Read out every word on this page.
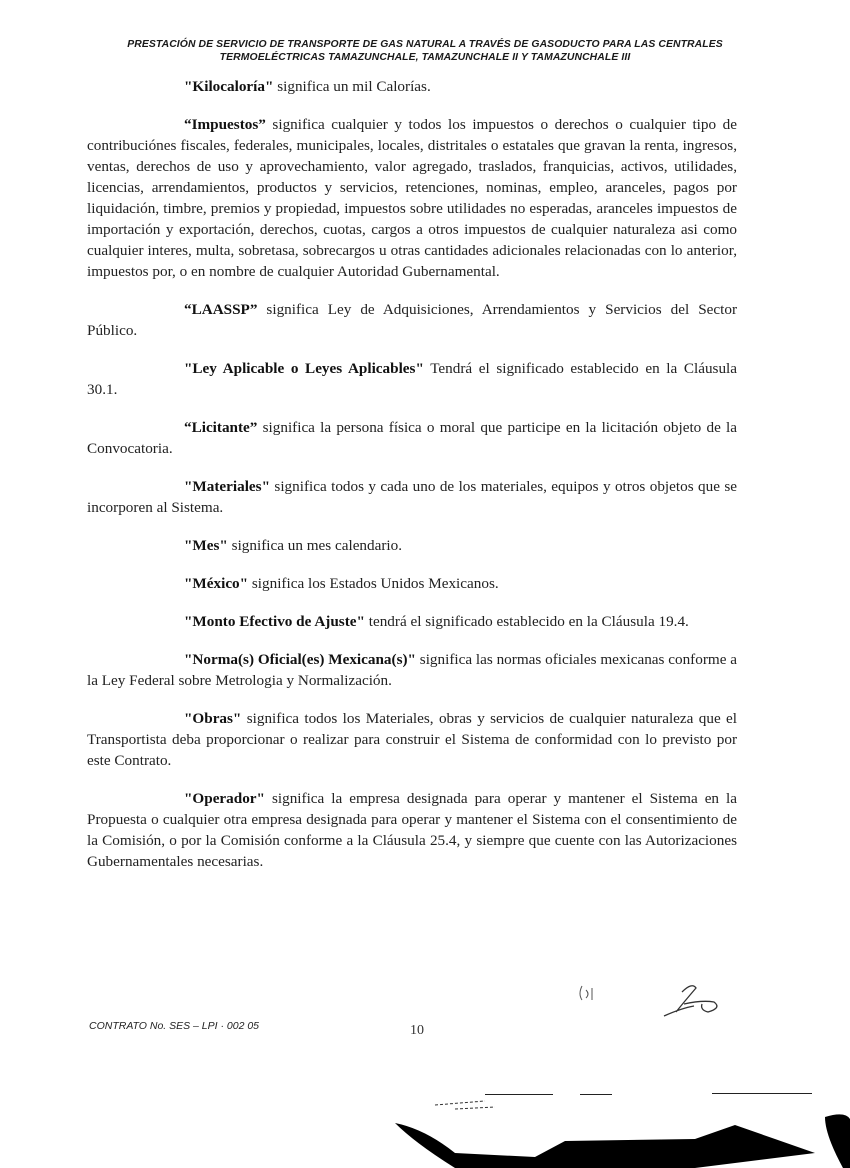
PRESTACIÓN DE SERVICIO DE TRANSPORTE DE GAS NATURAL A TRAVÉS DE GASODUCTO PARA LAS CENTRALES
TERMOELÉCTRICAS TAMAZUNCHALE, TAMAZUNCHALE II Y TAMAZUNCHALE III

"Kilocaloría" significa un mil Calorías.

“Impuestos” significa cualquier y todos los impuestos o derechos o cualquier tipo de contribuciónes fiscales, federales, municipales, locales, distritales o estatales que gravan la renta, ingresos, ventas, derechos de uso y aprovechamiento, valor agregado, traslados, franquicias, activos, utilidades, licencias, arrendamientos, productos y servicios, retenciones, nominas, empleo, aranceles, pagos por liquidación, timbre, premios y propiedad, impuestos sobre utilidades no esperadas, aranceles impuestos de importación y exportación, derechos, cuotas, cargos a otros impuestos de cualquier naturaleza asi como cualquier interes, multa, sobretasa, sobrecargos u otras cantidades adicionales relacionadas con lo anterior, impuestos por, o en nombre de cualquier Autoridad Gubernamental.

“LAASSP” significa Ley de Adquisiciones, Arrendamientos y Servicios del Sector Público.

"Ley Aplicable o Leyes Aplicables" Tendrá el significado establecido en la Cláusula 30.1.

“Licitante” significa la persona física o moral que participe en la licitación objeto de la Convocatoria.

"Materiales" significa todos y cada uno de los materiales, equipos y otros objetos que se incorporen al Sistema.

"Mes" significa un mes calendario.

"México" significa los Estados Unidos Mexicanos.

"Monto Efectivo de Ajuste" tendrá el significado establecido en la Cláusula 19.4.

"Norma(s) Oficial(es) Mexicana(s)" significa las normas oficiales mexicanas conforme a la Ley Federal sobre Metrologia y Normalización.

"Obras" significa todos los Materiales, obras y servicios de cualquier naturaleza que el Transportista deba proporcionar o realizar para construir el Sistema de conformidad con lo previsto por este Contrato.

"Operador" significa la empresa designada para operar y mantener el Sistema en la Propuesta o cualquier otra empresa designada para operar y mantener el Sistema con el consentimiento de la Comisión, o por la Comisión conforme a la Cláusula 25.4, y siempre que cuente con las Autorizaciones Gubernamentales necesarias.

CONTRATO No. SES – LPI · 002 05	10
